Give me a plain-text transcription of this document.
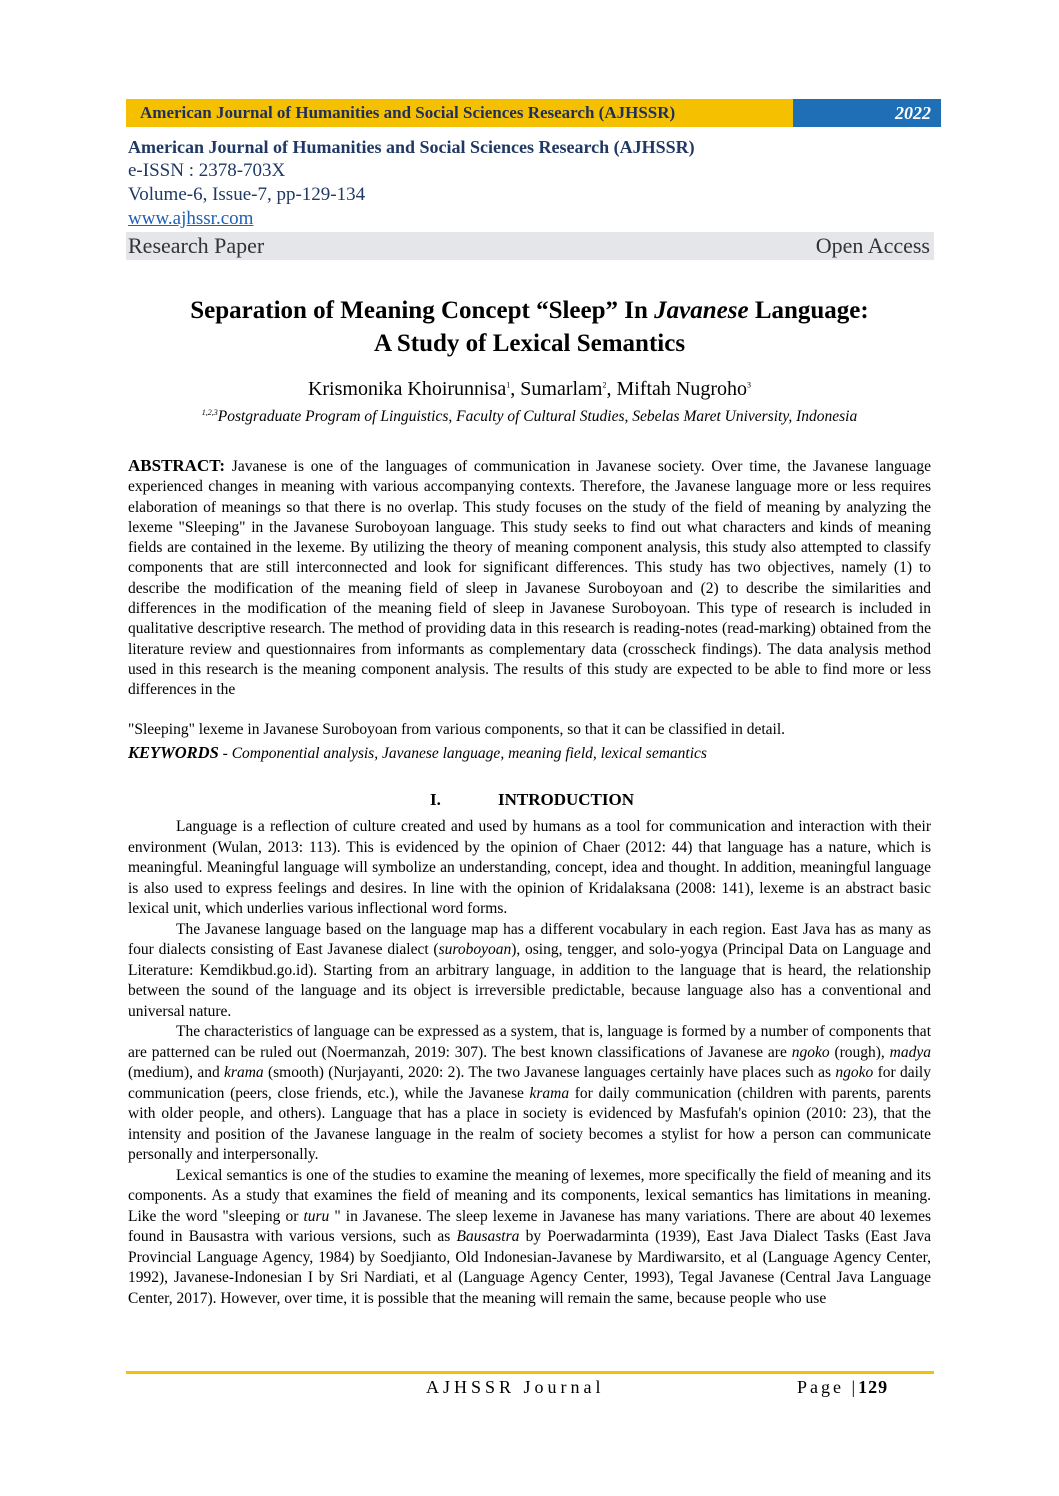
American Journal of Humanities and Social Sciences Research (AJHSSR)	2022
American Journal of Humanities and Social Sciences Research (AJHSSR)
e-ISSN : 2378-703X
Volume-6, Issue-7, pp-129-134
www.ajhssr.com
Research Paper	Open Access
Separation of Meaning Concept “Sleep” In Javanese Language:
A Study of Lexical Semantics
Krismonika Khoirunnisa$^1$, Sumarlam$^2$, Miftah Nugroho$^3$
$^{1,2,3}$Postgraduate Program of Linguistics, Faculty of Cultural Studies, Sebelas Maret University, Indonesia
ABSTRACT: Javanese is one of the languages of communication in Javanese society. Over time, the Javanese language experienced changes in meaning with various accompanying contexts. Therefore, the Javanese language more or less requires elaboration of meanings so that there is no overlap. This study focuses on the study of the field of meaning by analyzing the lexeme "Sleeping" in the Javanese Suroboyoan language. This study seeks to find out what characters and kinds of meaning fields are contained in the lexeme. By utilizing the theory of meaning component analysis, this study also attempted to classify components that are still interconnected and look for significant differences. This study has two objectives, namely (1) to describe the modification of the meaning field of sleep in Javanese Suroboyoan and (2) to describe the similarities and differences in the modification of the meaning field of sleep in Javanese Suroboyoan. This type of research is included in qualitative descriptive research. The method of providing data in this research is reading-notes (read-marking) obtained from the literature review and questionnaires from informants as complementary data (crosscheck findings). The data analysis method used in this research is the meaning component analysis. The results of this study are expected to be able to find more or less differences in the
"Sleeping" lexeme in Javanese Suroboyoan from various components, so that it can be classified in detail.
KEYWORDS - Componential analysis, Javanese language, meaning field, lexical semantics
I.	INTRODUCTION

Language is a reflection of culture created and used by humans as a tool for communication and interaction with their environment (Wulan, 2013: 113). This is evidenced by the opinion of Chaer (2012: 44) that language has a nature, which is meaningful. Meaningful language will symbolize an understanding, concept, idea and thought. In addition, meaningful language is also used to express feelings and desires. In line with the opinion of Kridalaksana (2008: 141), lexeme is an abstract basic lexical unit, which underlies various inflectional word forms.

The Javanese language based on the language map has a different vocabulary in each region. East Java has as many as four dialects consisting of East Javanese dialect (suroboyoan), osing, tengger, and solo-yogya (Principal Data on Language and Literature: Kemdikbud.go.id). Starting from an arbitrary language, in addition to the language that is heard, the relationship between the sound of the language and its object is irreversible predictable, because language also has a conventional and universal nature.

The characteristics of language can be expressed as a system, that is, language is formed by a number of components that are patterned can be ruled out (Noermanzah, 2019: 307). The best known classifications of Javanese are ngoko (rough), madya (medium), and krama (smooth) (Nurjayanti, 2020: 2). The two Javanese languages certainly have places such as ngoko for daily communication (peers, close friends, etc.), while the Javanese krama for daily communication (children with parents, parents with older people, and others). Language that has a place in society is evidenced by Masfufah's opinion (2010: 23), that the intensity and position of the Javanese language in the realm of society becomes a stylist for how a person can communicate personally and interpersonally.

Lexical semantics is one of the studies to examine the meaning of lexemes, more specifically the field of meaning and its components. As a study that examines the field of meaning and its components, lexical semantics has limitations in meaning. Like the word "sleeping or turu " in Javanese. The sleep lexeme in Javanese has many variations. There are about 40 lexemes found in Bausastra with various versions, such as Bausastra by Poerwadarminta (1939), East Java Dialect Tasks (East Java Provincial Language Agency, 1984) by Soedjianto, Old Indonesian-Javanese by Mardiwarsito, et al (Language Agency Center, 1992), Javanese-Indonesian I by Sri Nardiati, et al (Language Agency Center, 1993), Tegal Javanese (Central Java Language Center, 2017). However, over time, it is possible that the meaning will remain the same, because people who use

AJHSSR Journal	Page |129
